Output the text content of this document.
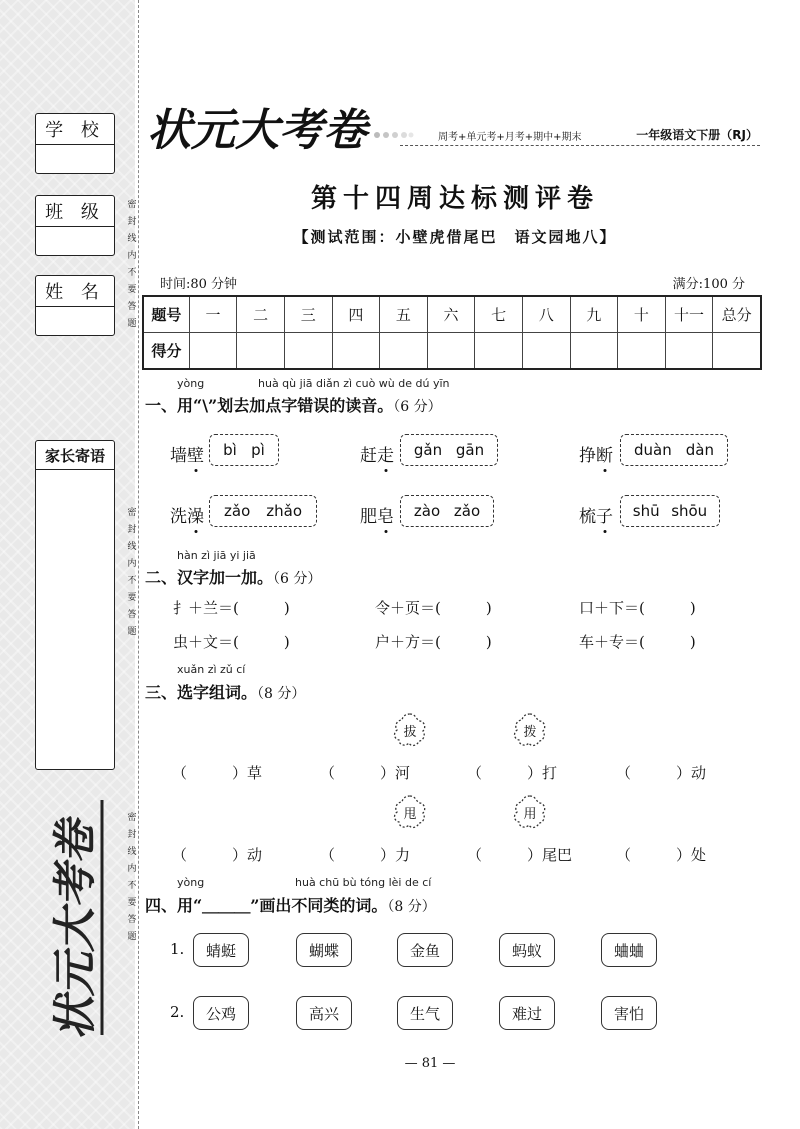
学 校
班 级
姓 名
家长寄语
密封线内不要答题
密封线内不要答题
密封线内不要答题
状元大考卷
状元大考卷	周考+单元考+月考+期中+期末	一年级语文下册（RJ）
第十四周达标测评卷
【测试范围：小壁虎借尾巴　语文园地八】
时间:80 分钟	满分:100 分
题号	一	二	三	四	五	六	七	八	九	十	十一	总分
得分												
yòng	huà qù jiā diǎn zì cuò wù de dú yīn
一、用“\”划去加点字错误的读音。（6 分）
墙壁 bì pì	赶走 gǎn gān	挣断 duàn dàn
洗澡 zǎo zhǎo	肥皂 zào zǎo	梳子 shū shōu
hàn zì jiā yi jiā
二、汉字加一加。（6 分）
扌＋兰＝(　　　)	令＋页＝(　　　)	口＋下＝(　　　)
虫＋文＝(　　　)	户＋方＝(　　　)	车＋专＝(　　　)
xuǎn zì zǔ cí
三、选字组词。（8 分）
拔	拨
（　　　）草	（　　　）河	（　　　）打	（　　　）动
甩	用
（　　　）动	（　　　）力	（　　　）尾巴	（　　　）处
yòng	huà chū bù tóng lèi de cí
四、用“＿＿＿”画出不同类的词。（8 分）
1.	蜻蜓	蝴蝶	金鱼	蚂蚁	蛐蛐
2.	公鸡	高兴	生气	难过	害怕
— 81 —
